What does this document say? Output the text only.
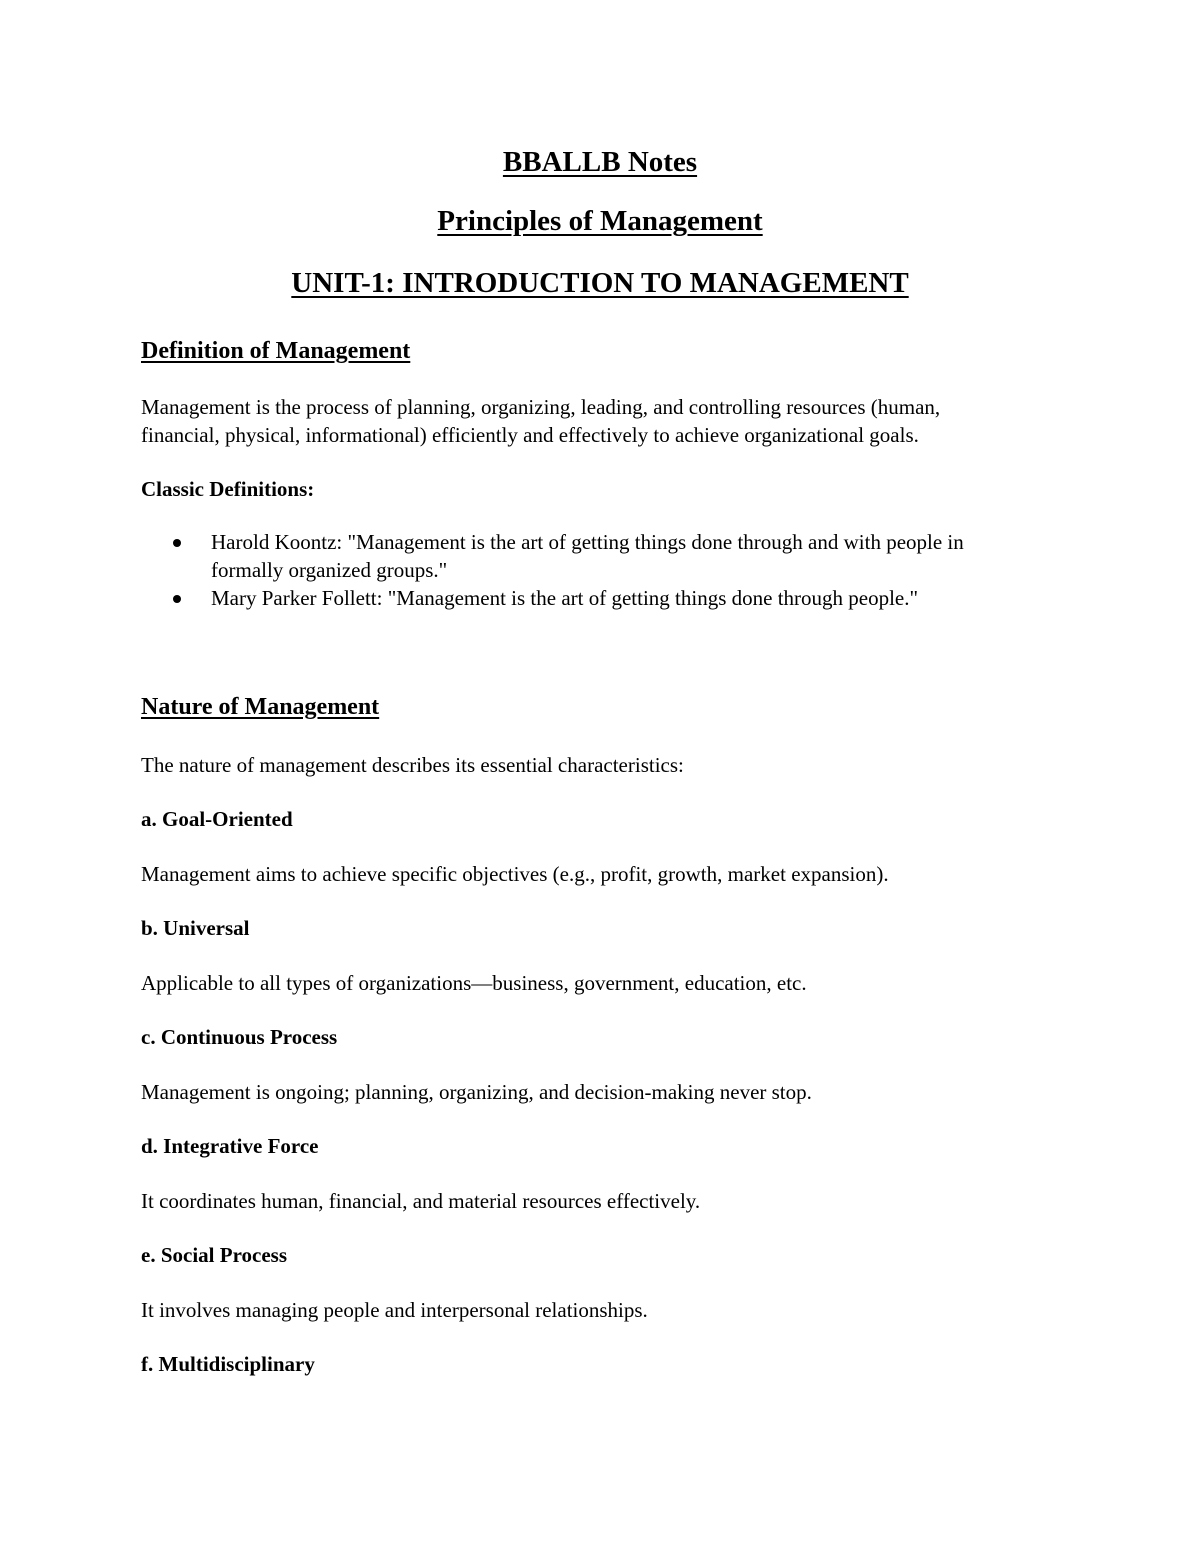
BBALLB Notes
Principles of Management
UNIT-1: INTRODUCTION TO MANAGEMENT
Definition of Management
Management is the process of planning, organizing, leading, and controlling resources (human,
financial, physical, informational) efficiently and effectively to achieve organizational goals.
Classic Definitions:
Harold Koontz: "Management is the art of getting things done through and with people in
formally organized groups."
Mary Parker Follett: "Management is the art of getting things done through people."
Nature of Management
The nature of management describes its essential characteristics:
a. Goal-Oriented
Management aims to achieve specific objectives (e.g., profit, growth, market expansion).
b. Universal
Applicable to all types of organizations—business, government, education, etc.
c. Continuous Process
Management is ongoing; planning, organizing, and decision-making never stop.
d. Integrative Force
It coordinates human, financial, and material resources effectively.
e. Social Process
It involves managing people and interpersonal relationships.
f. Multidisciplinary
